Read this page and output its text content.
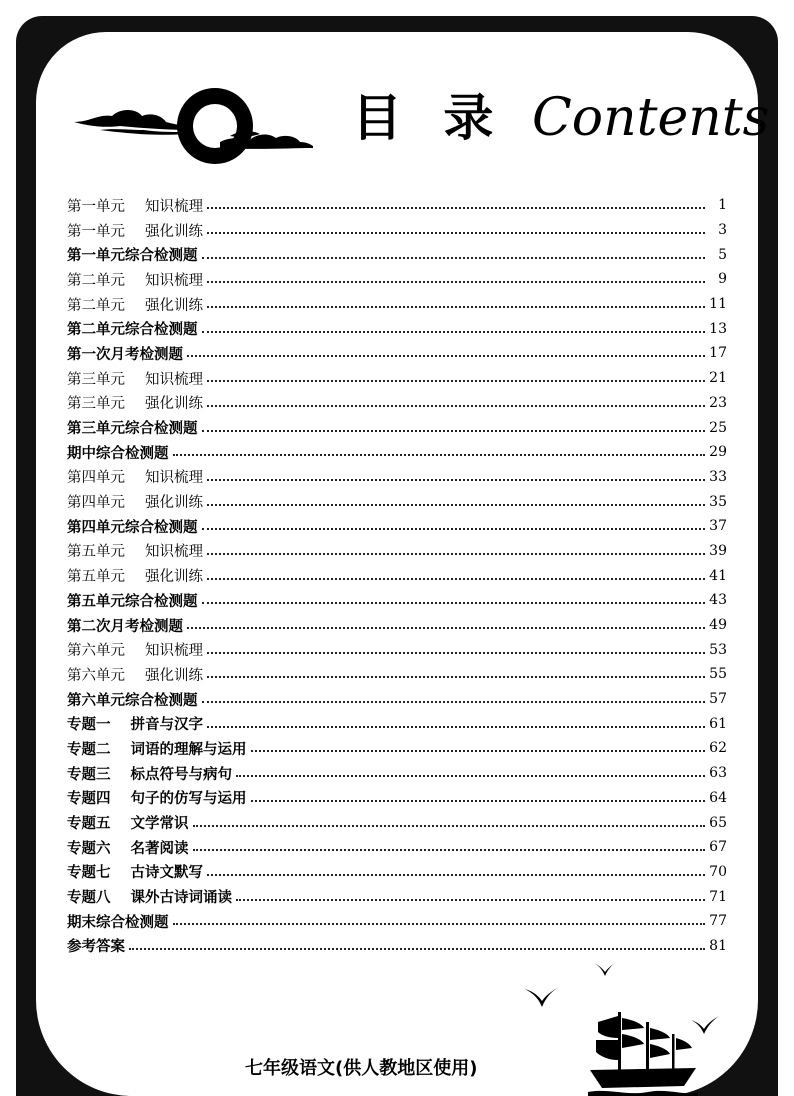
目 录 Contents
第一单元 知识梳理	1
第一单元 强化训练	3
第一单元综合检测题	5
第二单元 知识梳理	9
第二单元 强化训练	11
第二单元综合检测题	13
第一次月考检测题	17
第三单元 知识梳理	21
第三单元 强化训练	23
第三单元综合检测题	25
期中综合检测题	29
第四单元 知识梳理	33
第四单元 强化训练	35
第四单元综合检测题	37
第五单元 知识梳理	39
第五单元 强化训练	41
第五单元综合检测题	43
第二次月考检测题	49
第六单元 知识梳理	53
第六单元 强化训练	55
第六单元综合检测题	57
专题一 拼音与汉字	61
专题二 词语的理解与运用	62
专题三 标点符号与病句	63
专题四 句子的仿写与运用	64
专题五 文学常识	65
专题六 名著阅读	67
专题七 古诗文默写	70
专题八 课外古诗词诵读	71
期末综合检测题	77
参考答案	81
七年级语文(供人教地区使用)
